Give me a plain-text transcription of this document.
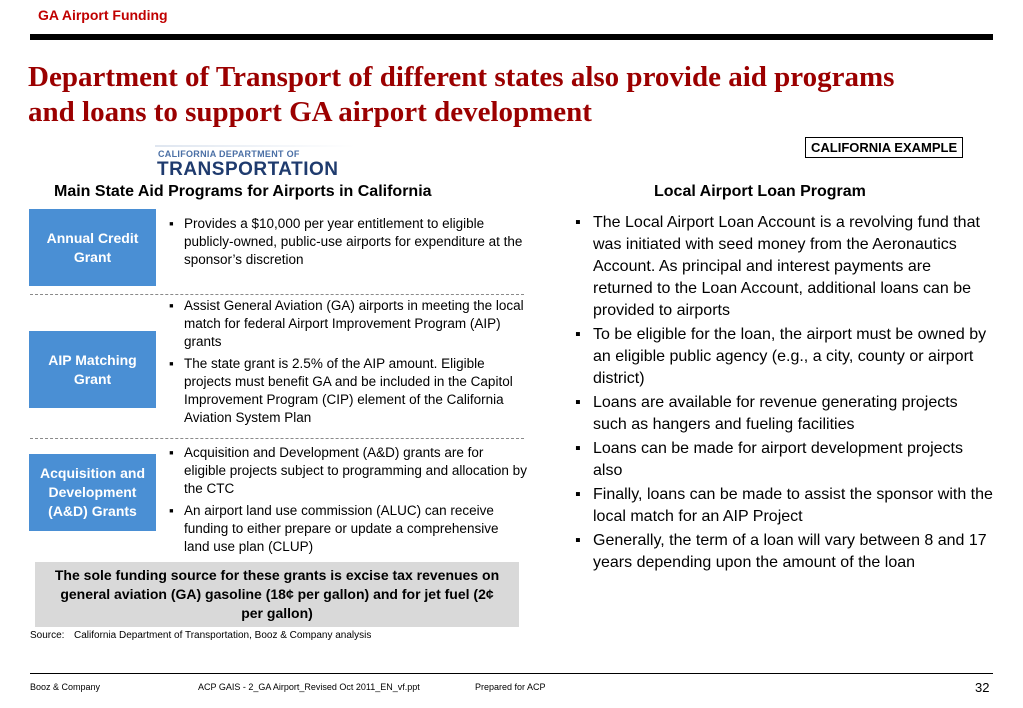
GA Airport Funding
Department of Transport of different states also provide aid programs and loans to support GA airport development
CALIFORNIA DEPARTMENT OF
TRANSPORTATION
CALIFORNIA EXAMPLE
Main State Aid Programs for Airports in California	Local Airport Loan Program
Annual Credit Grant
AIP Matching Grant
Acquisition and Development (A&D) Grants
▪ Provides a $10,000 per year entitlement to eligible publicly-owned, public-use airports for expenditure at the sponsor’s discretion
▪ Assist General Aviation (GA) airports in meeting the local match for federal Airport Improvement Program (AIP) grants
▪ The state grant is 2.5% of the AIP amount. Eligible projects must benefit GA and be included in the Capitol Improvement Program (CIP) element of the California Aviation System Plan
▪ Acquisition and Development (A&D) grants are for eligible projects subject to programming and allocation by the CTC
▪ An airport land use commission (ALUC) can receive funding to either prepare or update a comprehensive land use plan (CLUP)
The sole funding source for these grants is excise tax revenues on general aviation (GA) gasoline (18¢ per gallon) and for jet fuel (2¢ per gallon)
▪ The Local Airport Loan Account is a revolving fund that was initiated with seed money from the Aeronautics Account. As principal and interest payments are returned to the Loan Account, additional loans can be provided to airports
▪ To be eligible for the loan, the airport must be owned by an eligible public agency (e.g., a city, county or airport district)
▪ Loans are available for revenue generating projects such as hangers and fueling facilities
▪ Loans can be made for airport development projects also
▪ Finally, loans can be made to assist the sponsor with the local match for an AIP Project
▪ Generally, the term of a loan will vary between 8 and 17 years depending upon the amount of the loan
Source: California Department of Transportation, Booz & Company analysis
Booz & Company	ACP GAIS - 2_GA Airport_Revised Oct 2011_EN_vf.ppt	Prepared for ACP	32
